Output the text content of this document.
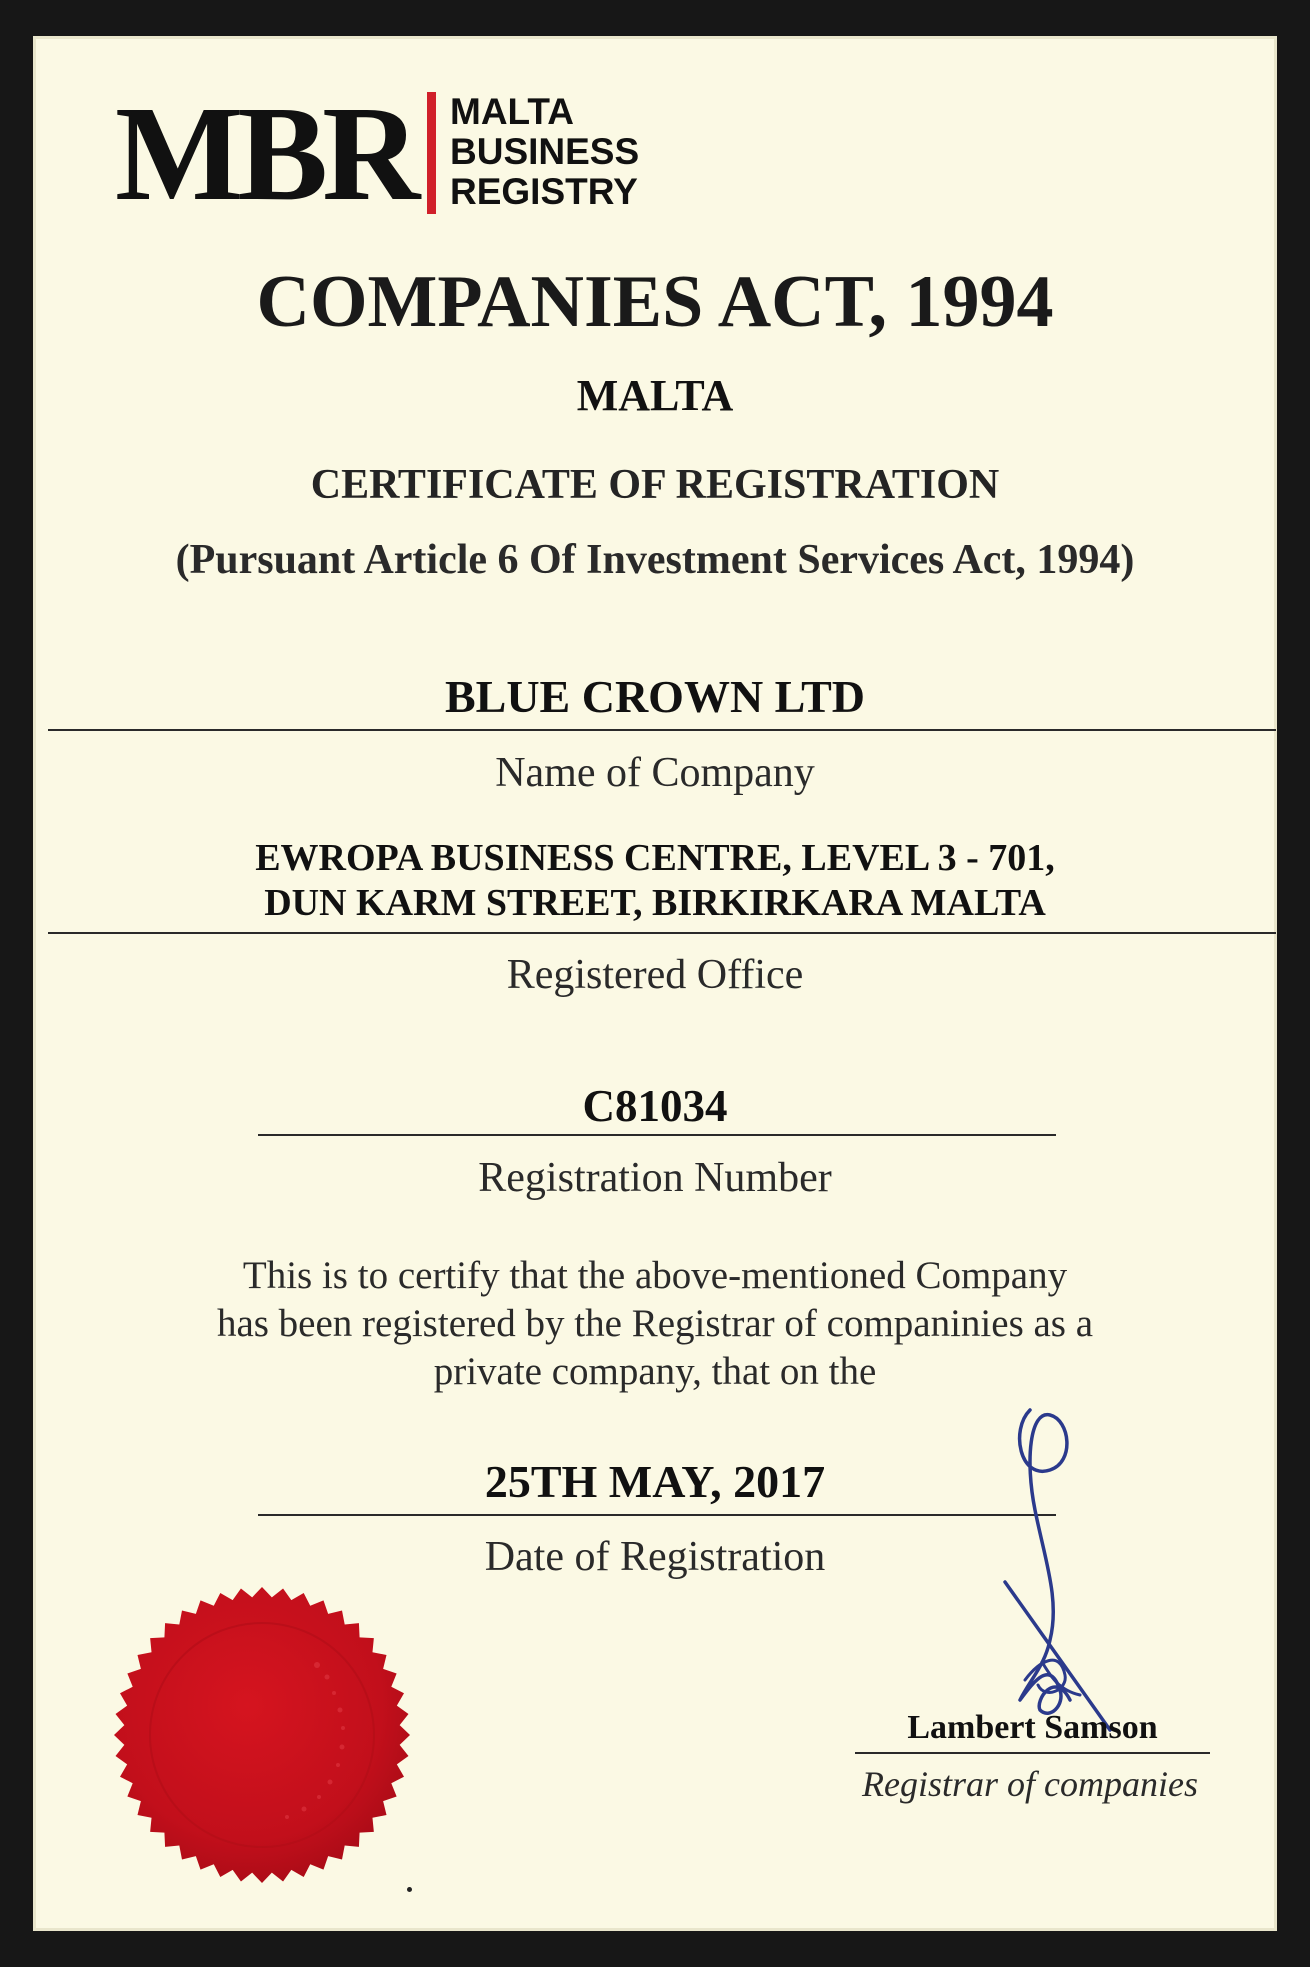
MBR MALTA
BUSINESS
REGISTRY
COMPANIES ACT, 1994
MALTA
CERTIFICATE OF REGISTRATION
(Pursuant Article 6 Of Investment Services Act, 1994)
BLUE CROWN LTD
Name of Company
EWROPA BUSINESS CENTRE, LEVEL 3 - 701,
DUN KARM STREET, BIRKIRKARA MALTA
Registered Office
C81034
Registration Number
This is to certify that the above-mentioned Company
has been registered by the Registrar of companinies as a
private company, that on the
25TH MAY, 2017
Date of Registration
Lambert Samson
Registrar of companies
